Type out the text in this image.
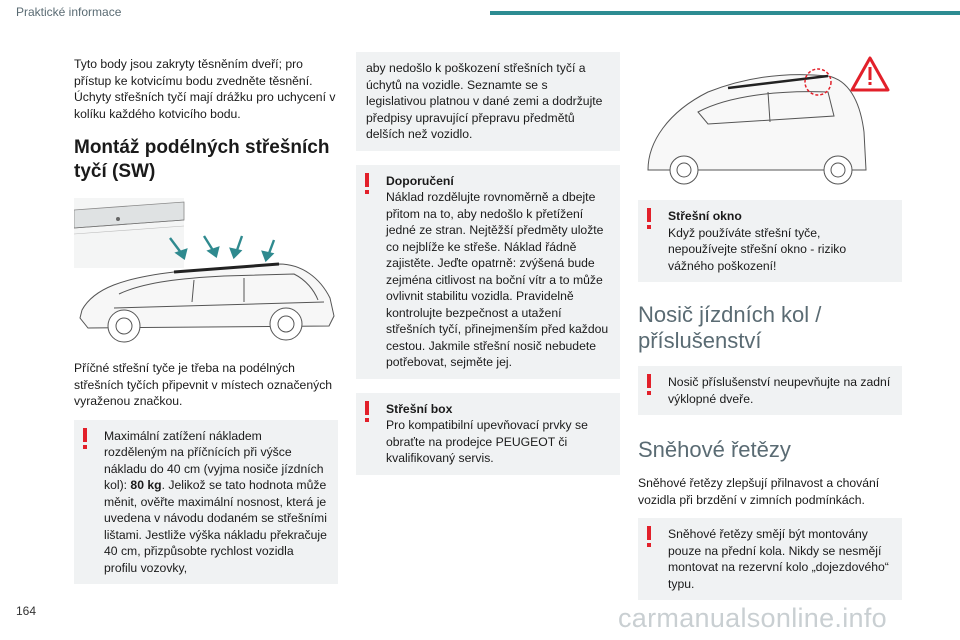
Praktické informace

Tyto body jsou zakryty těsněním dveří; pro přístup ke kotvicímu bodu zvedněte těsnění. Úchyty střešních tyčí mají drážku pro uchycení v kolíku každého kotvicího bodu.

Montáž podélných střešních tyčí (SW)

Příčné střešní tyče je třeba na podélných střešních tyčích připevnit v místech označených vyraženou značkou.

Maximální zatížení nákladem rozděleným na příčnících při výšce nákladu do 40 cm (vyjma nosiče jízdních kol): 80 kg. Jelikož se tato hodnota může měnit, ověřte maximální nosnost, která je uvedena v návodu dodaném se střešními lištami. Jestliže výška nákladu překračuje 40 cm, přizpůsobte rychlost vozidla profilu vozovky,

aby nedošlo k poškození střešních tyčí a úchytů na vozidle. Seznamte se s legislativou platnou v dané zemi a dodržujte předpisy upravující přepravu předmětů delších než vozidlo.

Doporučení

Náklad rozdělujte rovnoměrně a dbejte přitom na to, aby nedošlo k přetížení jedné ze stran. Nejtěžší předměty uložte co nejblíže ke střeše. Náklad řádně zajistěte. Jeďte opatrně: zvýšená bude zejména citlivost na boční vítr a to může ovlivnit stabilitu vozidla. Pravidelně kontrolujte bezpečnost a utažení střešních tyčí, přinejmenším před každou cestou. Jakmile střešní nosič nebudete potřebovat, sejměte jej.

Střešní box

Pro kompatibilní upevňovací prvky se obraťte na prodejce PEUGEOT či kvalifikovaný servis.

Střešní okno

Když používáte střešní tyče, nepoužívejte střešní okno - riziko vážného poškození!

Nosič jízdních kol / příslušenství

Nosič příslušenství neupevňujte na zadní výklopné dveře.

Sněhové řetězy

Sněhové řetězy zlepšují přilnavost a chování vozidla při brzdění v zimních podmínkách.

Sněhové řetězy smějí být montovány pouze na přední kola. Nikdy se nesmějí montovat na rezervní kolo „dojezdového“ typu.

164	carmanualsonline.info
